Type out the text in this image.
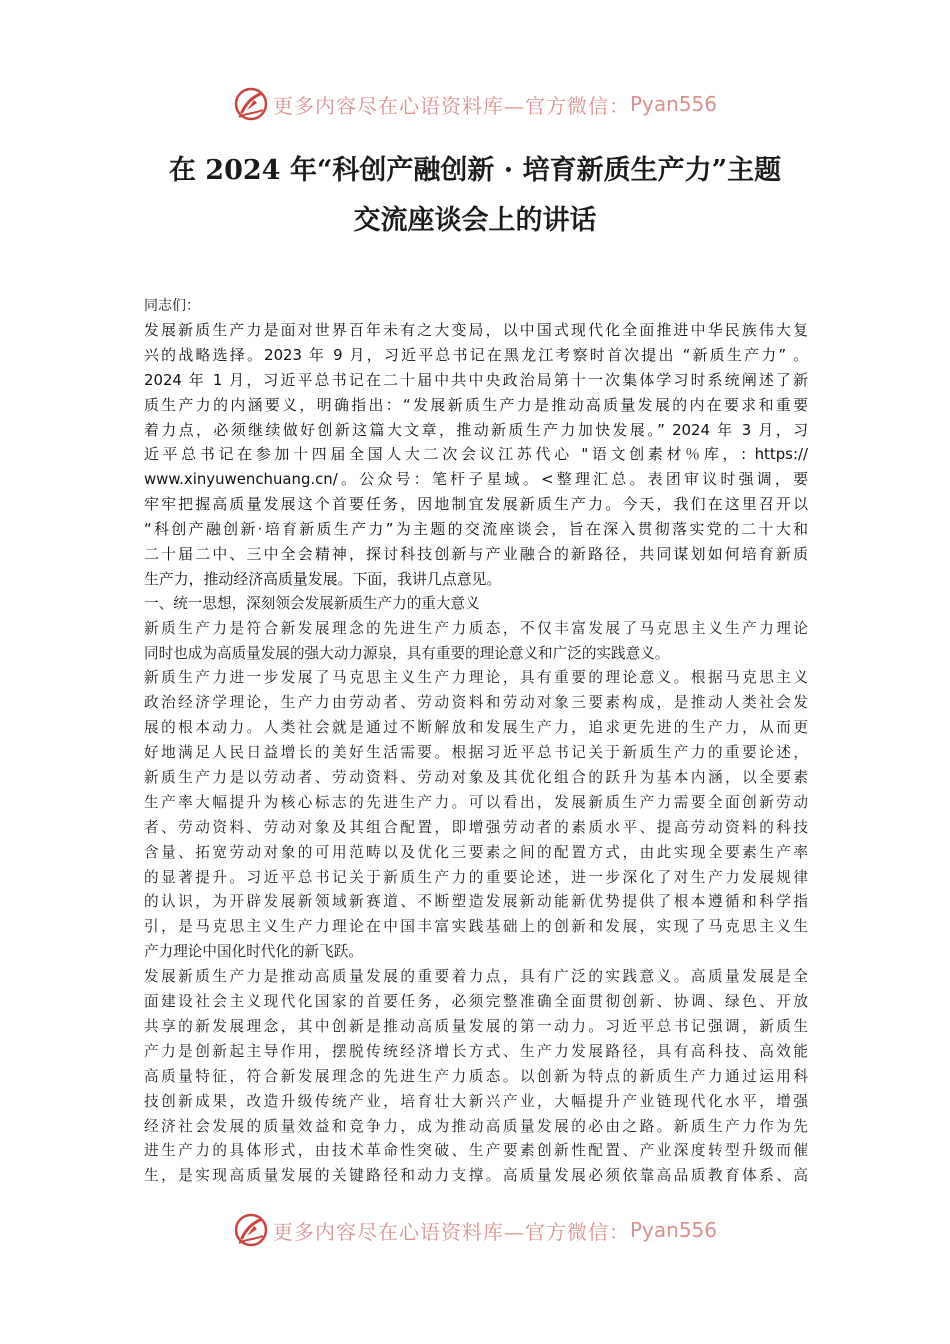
更多内容尽在心语资料库—官方微信： Pyan556
在 2024 年“科创产融创新 · 培育新质生产力”主题
交流座谈会上的讲话

同志们：

发展新质生产力是面对世界百年未有之大变局，以中国式现代化全面推进中华民族伟大复

兴的战略选择。2023 年 9 月，习近平总书记在黑龙江考察时首次提出 “新质生产力” 。

2024 年 1 月，习近平总书记在二十届中共中央政治局第十一次集体学习时系统阐述了新

质生产力的内涵要义，明确指出：“发展新质生产力是推动高质量发展的内在要求和重要

着力点，必须继续做好创新这篇大文章，推动新质生产力加快发展。” 2024 年 3 月，习

近平总书记在参加十四届全国人大二次会议江苏代心 "语文创素材％库，: https://

www.xinyuwenchuang.cn/。公众号：笔杆子星域。<整理汇总。表团审议时强调，要

牢牢把握高质量发展这个首要任务，因地制宜发展新质生产力。今天，我们在这里召开以

“科创产融创新·培育新质生产力”为主题的交流座谈会，旨在深入贯彻落实党的二十大和

二十届二中、三中全会精神，探讨科技创新与产业融合的新路径，共同谋划如何培育新质

生产力，推动经济高质量发展。下面，我讲几点意见。

一、统一思想，深刻领会发展新质生产力的重大意义

新质生产力是符合新发展理念的先进生产力质态，不仅丰富发展了马克思主义生产力理论

同时也成为高质量发展的强大动力源泉，具有重要的理论意义和广泛的实践意义。

新质生产力进一步发展了马克思主义生产力理论，具有重要的理论意义。根据马克思主义

政治经济学理论，生产力由劳动者、劳动资料和劳动对象三要素构成，是推动人类社会发

展的根本动力。人类社会就是通过不断解放和发展生产力，追求更先进的生产力，从而更

好地满足人民日益增长的美好生活需要。根据习近平总书记关于新质生产力的重要论述，

新质生产力是以劳动者、劳动资料、劳动对象及其优化组合的跃升为基本内涵，以全要素

生产率大幅提升为核心标志的先进生产力。可以看出，发展新质生产力需要全面创新劳动

者、劳动资料、劳动对象及其组合配置，即增强劳动者的素质水平、提高劳动资料的科技

含量、拓宽劳动对象的可用范畴以及优化三要素之间的配置方式，由此实现全要素生产率

的显著提升。习近平总书记关于新质生产力的重要论述，进一步深化了对生产力发展规律

的认识，为开辟发展新领域新赛道、不断塑造发展新动能新优势提供了根本遵循和科学指

引，是马克思主义生产力理论在中国丰富实践基础上的创新和发展，实现了马克思主义生

产力理论中国化时代化的新飞跃。

发展新质生产力是推动高质量发展的重要着力点，具有广泛的实践意义。高质量发展是全

面建设社会主义现代化国家的首要任务，必须完整准确全面贯彻创新、协调、绿色、开放

共享的新发展理念，其中创新是推动高质量发展的第一动力。习近平总书记强调，新质生

产力是创新起主导作用，摆脱传统经济增长方式、生产力发展路径，具有高科技、高效能

高质量特征，符合新发展理念的先进生产力质态。以创新为特点的新质生产力通过运用科

技创新成果，改造升级传统产业，培育壮大新兴产业，大幅提升产业链现代化水平，增强

经济社会发展的质量效益和竞争力，成为推动高质量发展的必由之路。新质生产力作为先

进生产力的具体形式，由技术革命性突破、生产要素创新性配置、产业深度转型升级而催

生，是实现高质量发展的关键路径和动力支撑。高质量发展必须依靠高品质教育体系、高

更多内容尽在心语资料库—官方微信： Pyan556
